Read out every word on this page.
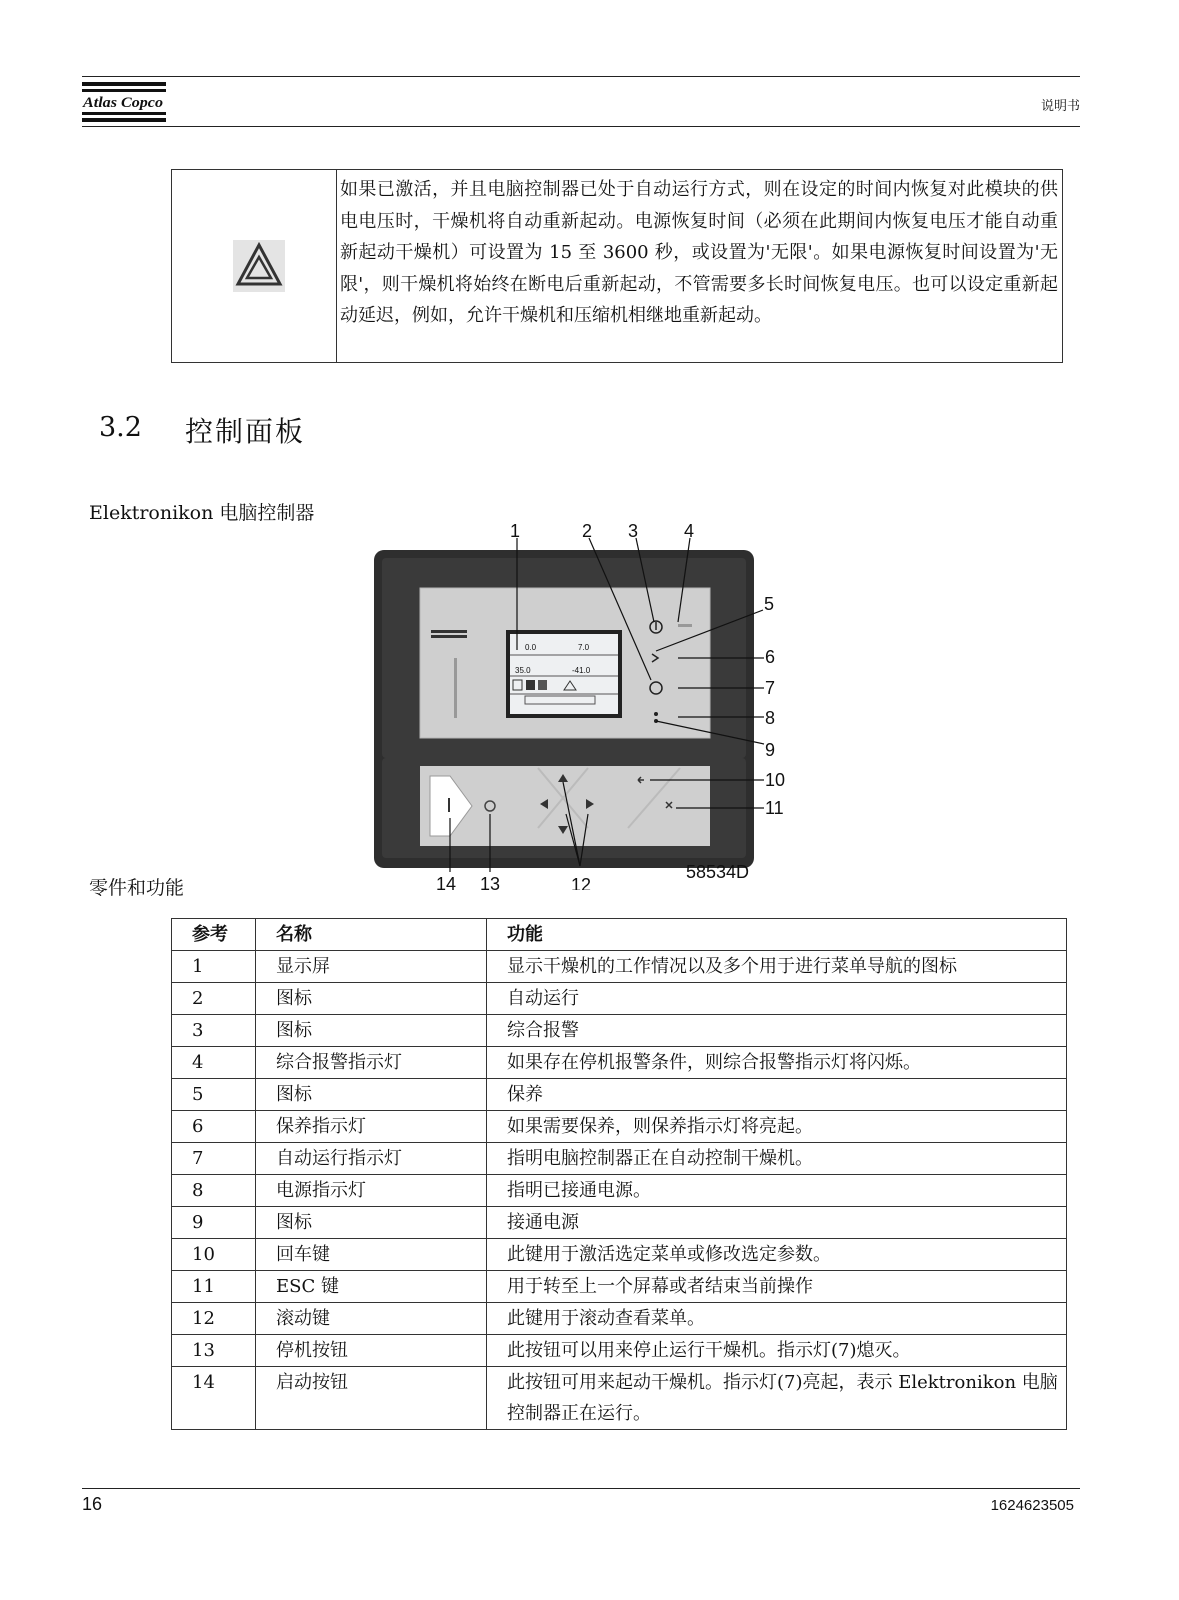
Atlas Copco	说明书
如果已激活，并且电脑控制器已处于自动运行方式，则在设定的时间内恢复对此模块的供电电压时，干燥机将自动重新起动。电源恢复时间（必须在此期间内恢复电压才能自动重新起动干燥机）可设置为 15 至 3600 秒，或设置为'无限'。如果电源恢复时间设置为'无限'，则干燥机将始终在断电后重新起动，不管需要多长时间恢复电压。也可以设定重新起动延迟，例如，允许干燥机和压缩机相继地重新起动。
3.2 控制面板
Elektronikon 电脑控制器
0.0	7.0
35.0	-41.0
1	2 3	4
5
6
7
8
9
10
11
12
13
14
58534D
零件和功能
参考	名称	功能
1	显示屏	显示干燥机的工作情况以及多个用于进行菜单导航的图标
2	图标	自动运行
3	图标	综合报警
4	综合报警指示灯	如果存在停机报警条件，则综合报警指示灯将闪烁。
5	图标	保养
6	保养指示灯	如果需要保养，则保养指示灯将亮起。
7	自动运行指示灯	指明电脑控制器正在自动控制干燥机。
8	电源指示灯	指明已接通电源。
9	图标	接通电源
10	回车键	此键用于激活选定菜单或修改选定参数。
11	ESC 键	用于转至上一个屏幕或者结束当前操作
12	滚动键	此键用于滚动查看菜单。
13	停机按钮	此按钮可以用来停止运行干燥机。指示灯(7)熄灭。
14	启动按钮	此按钮可用来起动干燥机。指示灯(7)亮起，表示 Elektronikon 电脑控制器正在运行。
16	1624623505
